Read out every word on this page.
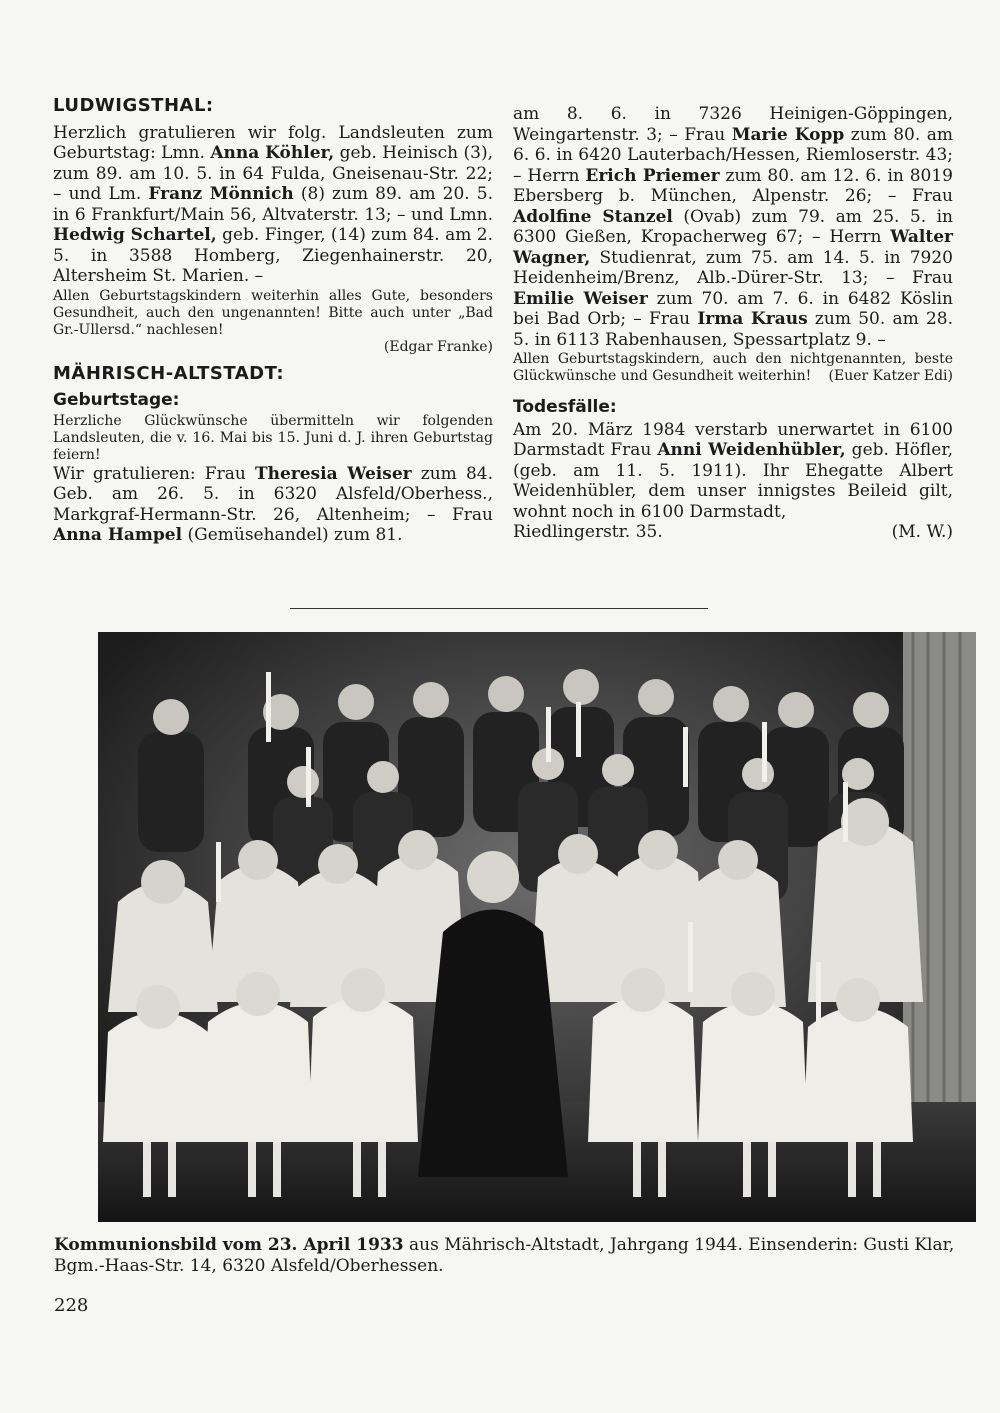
LUDWIGSTHAL:

Herzlich gratulieren wir folg. Landsleuten zum Geburtstag: Lmn. Anna Köhler, geb. Heinisch (3), zum 89. am 10. 5. in 64 Fulda, Gneisenau-Str. 22; – und Lm. Franz Mönnich (8) zum 89. am 20. 5. in 6 Frankfurt/Main 56, Altvaterstr. 13; – und Lmn. Hedwig Schartel, geb. Finger, (14) zum 84. am 2. 5. in 3588 Homberg, Ziegenhainerstr. 20, Altersheim St. Marien. –

Allen Geburtstagskindern weiterhin alles Gute, besonders Gesundheit, auch den ungenannten! Bitte auch unter „Bad Gr.-Ullersd.“ nachlesen!

(Edgar Franke)

MÄHRISCH-ALTSTADT:
Geburtstage:

Herzliche Glückwünsche übermitteln wir folgenden Landsleuten, die v. 16. Mai bis 15. Juni d. J. ihren Geburtstag feiern!

Wir gratulieren: Frau Theresia Weiser zum 84. Geb. am 26. 5. in 6320 Alsfeld/Oberhess., Markgraf-Hermann-Str. 26, Altenheim; – Frau Anna Hampel (Gemüsehandel) zum 81.

am 8. 6. in 7326 Heinigen-Göppingen, Weingartenstr. 3; – Frau Marie Kopp zum 80. am 6. 6. in 6420 Lauterbach/Hessen, Riemloserstr. 43; – Herrn Erich Priemer zum 80. am 12. 6. in 8019 Ebersberg b. München, Alpenstr. 26; – Frau Adolfine Stanzel (Ovab) zum 79. am 25. 5. in 6300 Gießen, Kropacherweg 67; – Herrn Walter Wagner, Studienrat, zum 75. am 14. 5. in 7920 Heidenheim/Brenz, Alb.-Dürer-Str. 13; – Frau Emilie Weiser zum 70. am 7. 6. in 6482 Köslin bei Bad Orb; – Frau Irma Kraus zum 50. am 28. 5. in 6113 Rabenhausen, Spessartplatz 9. –

Allen Geburtstagskindern, auch den nichtgenannten, beste Glückwünsche und Gesundheit weiterhin! (Euer Katzer Edi)

Todesfälle:

Am 20. März 1984 verstarb unerwartet in 6100 Darmstadt Frau Anni Weidenhübler, geb. Höfler, (geb. am 11. 5. 1911). Ihr Ehegatte Albert Weidenhübler, dem unser innigstes Beileid gilt, wohnt noch in 6100 Darmstadt,

Riedlingerstr. 35.	(M. W.)

Kommunionsbild vom 23. April 1933 aus Mährisch-Altstadt, Jahrgang 1944. Einsenderin: Gusti Klar, Bgm.-Haas-Str. 14, 6320 Alsfeld/Oberhessen.

228
